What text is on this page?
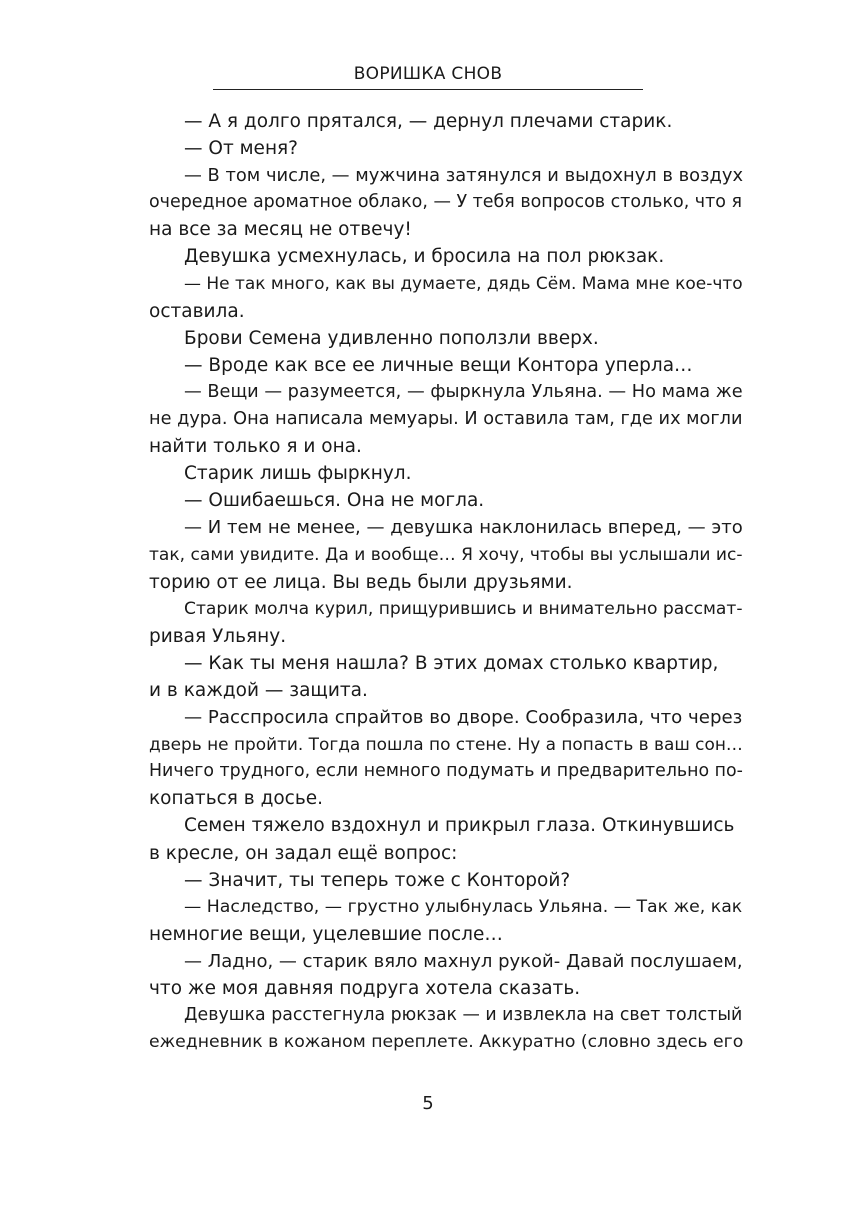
ВОРИШКА СНОВ
— А я долго прятался, — дернул плечами старик.
— От меня?
— В том числе, — мужчина затянулся и выдохнул в воздух
очередное ароматное облако, — У тебя вопросов столько, что я
на все за месяц не отвечу!
Девушка усмехнулась, и бросила на пол рюкзак.
— Не так много, как вы думаете, дядь Сём. Мама мне кое-что
оставила.
Брови Семена удивленно поползли вверх.
— Вроде как все ее личные вещи Контора уперла…
— Вещи — разумеется, — фыркнула Ульяна. — Но мама же
не дура. Она написала мемуары. И оставила там, где их могли
найти только я и она.
Старик лишь фыркнул.
— Ошибаешься. Она не могла.
— И тем не менее, — девушка наклонилась вперед, — это
так, сами увидите. Да и вообще… Я хочу, чтобы вы услышали ис-
торию от ее лица. Вы ведь были друзьями.
Старик молча курил, прищурившись и внимательно рассмат-
ривая Ульяну.
— Как ты меня нашла? В этих домах столько квартир,
и в каждой — защита.
— Расспросила спрайтов во дворе. Сообразила, что через
дверь не пройти. Тогда пошла по стене. Ну а попасть в ваш сон…
Ничего трудного, если немного подумать и предварительно по-
копаться в досье.
Семен тяжело вздохнул и прикрыл глаза. Откинувшись
в кресле, он задал ещё вопрос:
— Значит, ты теперь тоже с Конторой?
— Наследство, — грустно улыбнулась Ульяна. — Так же, как
немногие вещи, уцелевшие после…
— Ладно, — старик вяло махнул рукой- Давай послушаем,
что же моя давняя подруга хотела сказать.
Девушка расстегнула рюкзак — и извлекла на свет толстый
ежедневник в кожаном переплете. Аккуратно (словно здесь его
5
